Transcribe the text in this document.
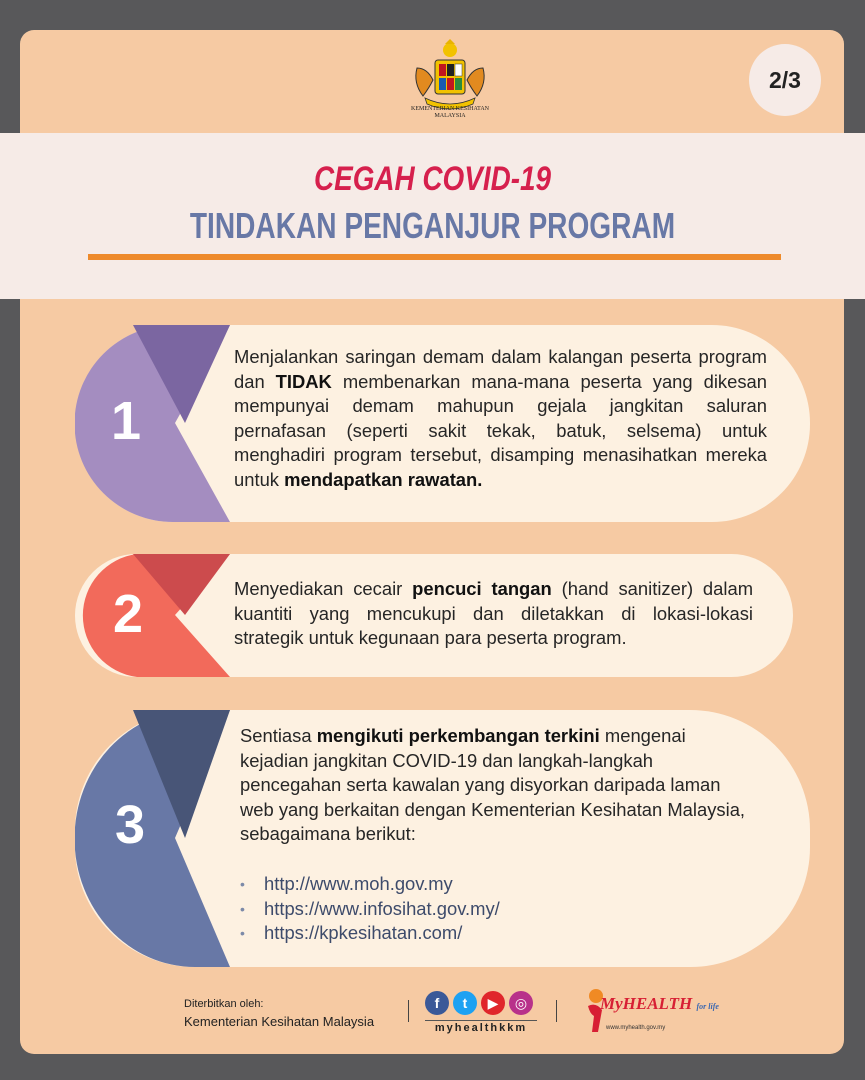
KEMENTERIAN KESIHATAN MALAYSIA
2/3
CEGAH COVID-19
TINDAKAN PENGANJUR PROGRAM
1
Menjalankan saringan demam dalam kalangan peserta program dan TIDAK membenarkan mana-mana peserta yang dikesan mempunyai demam mahupun gejala jangkitan saluran pernafasan (seperti sakit tekak, batuk, selsema) untuk menghadiri program tersebut, disamping menasihatkan mereka untuk mendapatkan rawatan.
2	Menyediakan cecair pencuci tangan (hand sanitizer) dalam kuantiti yang mencukupi dan diletakkan di lokasi-lokasi strategik untuk kegunaan para peserta program.
3
Sentiasa mengikuti perkembangan terkini mengenai kejadian jangkitan COVID-19 dan langkah-langkah pencegahan serta kawalan yang disyorkan daripada laman web yang berkaitan dengan Kementerian Kesihatan Malaysia, sebagaimana berikut:
• http://www.moh.gov.my
• https://www.infosihat.gov.my/
• https://kpkesihatan.com/
Diterbitkan oleh:
Kementerian Kesihatan Malaysia
f	t	▶	◎
myhealthkkm
MyHEALTH for life
www.myhealth.gov.my
